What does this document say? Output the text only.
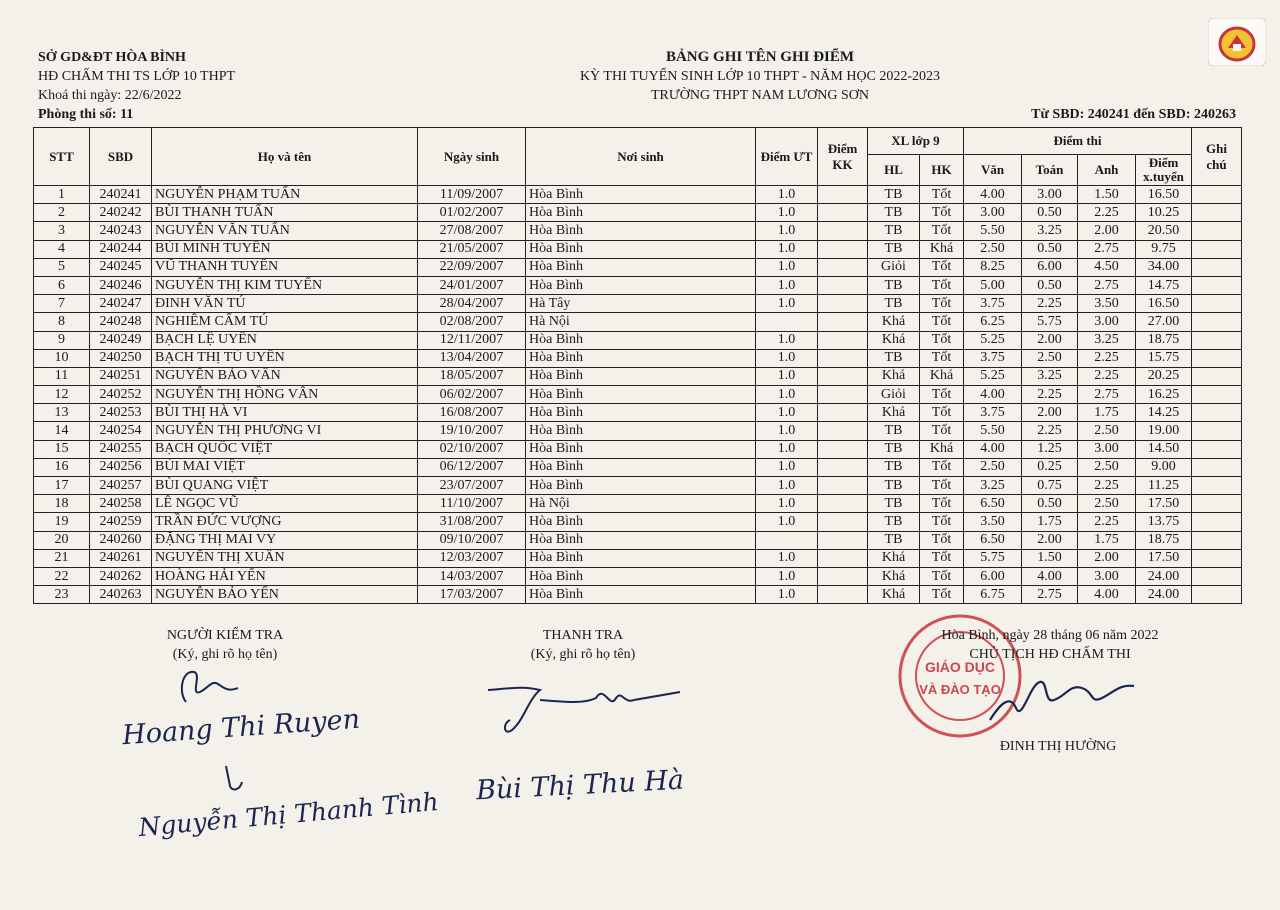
SỞ GD&ĐT HÒA BÌNH
HĐ CHẤM THI TS LỚP 10 THPT
Khoá thi ngày: 22/6/2022
Phòng thi số: 11
BẢNG GHI TÊN GHI ĐIỂM
KỲ THI TUYỂN SINH LỚP 10 THPT - NĂM HỌC 2022-2023
TRƯỜNG THPT NAM LƯƠNG SƠN
Từ SBD: 240241 đến SBD: 240263
STT	SBD	Họ và tên	Ngày sinh	Nơi sinh	Điểm ƯT	Điểm KK	XL lớp 9		Điểm thi				Ghi chú
							HL	HK	Văn	Toán	Anh	Điểm x.tuyển	
1	240241	NGUYỄN PHẠM TUẤN	11/09/2007	Hòa Bình	1.0		TB	Tốt	4.00	3.00	1.50	16.50	
2	240242	BÙI THANH TUẤN	01/02/2007	Hòa Bình	1.0		TB	Tốt	3.00	0.50	2.25	10.25	
3	240243	NGUYỄN VĂN TUẤN	27/08/2007	Hòa Bình	1.0		TB	Tốt	5.50	3.25	2.00	20.50	
4	240244	BÙI MINH TUYẾN	21/05/2007	Hòa Bình	1.0		TB	Khá	2.50	0.50	2.75	9.75	
5	240245	VŨ THANH TUYỀN	22/09/2007	Hòa Bình	1.0		Giỏi	Tốt	8.25	6.00	4.50	34.00	
6	240246	NGUYỄN THỊ KIM TUYẾN	24/01/2007	Hòa Bình	1.0		TB	Tốt	5.00	0.50	2.75	14.75	
7	240247	ĐINH VĂN TÚ	28/04/2007	Hà Tây	1.0		TB	Tốt	3.75	2.25	3.50	16.50	
8	240248	NGHIÊM CẨM TÚ	02/08/2007	Hà Nội			Khá	Tốt	6.25	5.75	3.00	27.00	
9	240249	BẠCH LỆ UYÊN	12/11/2007	Hòa Bình	1.0		Khá	Tốt	5.25	2.00	3.25	18.75	
10	240250	BẠCH THỊ TÚ UYÊN	13/04/2007	Hòa Bình	1.0		TB	Tốt	3.75	2.50	2.25	15.75	
11	240251	NGUYỄN BẢO VÂN	18/05/2007	Hòa Bình	1.0		Khá	Khá	5.25	3.25	2.25	20.25	
12	240252	NGUYỄN THỊ HỒNG VÂN	06/02/2007	Hòa Bình	1.0		Giỏi	Tốt	4.00	2.25	2.75	16.25	
13	240253	BÙI THỊ HÀ VI	16/08/2007	Hòa Bình	1.0		Khá	Tốt	3.75	2.00	1.75	14.25	
14	240254	NGUYỄN THỊ PHƯƠNG VI	19/10/2007	Hòa Bình	1.0		TB	Tốt	5.50	2.25	2.50	19.00	
15	240255	BẠCH QUỐC VIỆT	02/10/2007	Hòa Bình	1.0		TB	Khá	4.00	1.25	3.00	14.50	
16	240256	BÙI MAI VIỆT	06/12/2007	Hòa Bình	1.0		TB	Tốt	2.50	0.25	2.50	9.00	
17	240257	BÙI QUANG VIỆT	23/07/2007	Hòa Bình	1.0		TB	Tốt	3.25	0.75	2.25	11.25	
18	240258	LÊ NGỌC VŨ	11/10/2007	Hà Nội	1.0		TB	Tốt	6.50	0.50	2.50	17.50	
19	240259	TRẦN ĐỨC VƯỢNG	31/08/2007	Hòa Bình	1.0		TB	Tốt	3.50	1.75	2.25	13.75	
20	240260	ĐẶNG THỊ MAI VY	09/10/2007	Hòa Bình			TB	Tốt	6.50	2.00	1.75	18.75	
21	240261	NGUYỄN THỊ XUÂN	12/03/2007	Hòa Bình	1.0		Khá	Tốt	5.75	1.50	2.00	17.50	
22	240262	HOÀNG HẢI YẾN	14/03/2007	Hòa Bình	1.0		Khá	Tốt	6.00	4.00	3.00	24.00	
23	240263	NGUYỄN BẢO YẾN	17/03/2007	Hòa Bình	1.0		Khá	Tốt	6.75	2.75	4.00	24.00	
NGƯỜI KIỂM TRA
(Ký, ghi rõ họ tên)
Hoang Thi Ruyen
Nguyễn Thị Thanh Tình
THANH TRA
(Ký, ghi rõ họ tên)
Bùi Thị Thu Hà
GIÁO DỤC
VÀ ĐÀO TẠO
Hòa Bình, ngày 28 tháng 06 năm 2022
CHỦ TỊCH HĐ CHẤM THI
ĐINH THỊ HƯỜNG
